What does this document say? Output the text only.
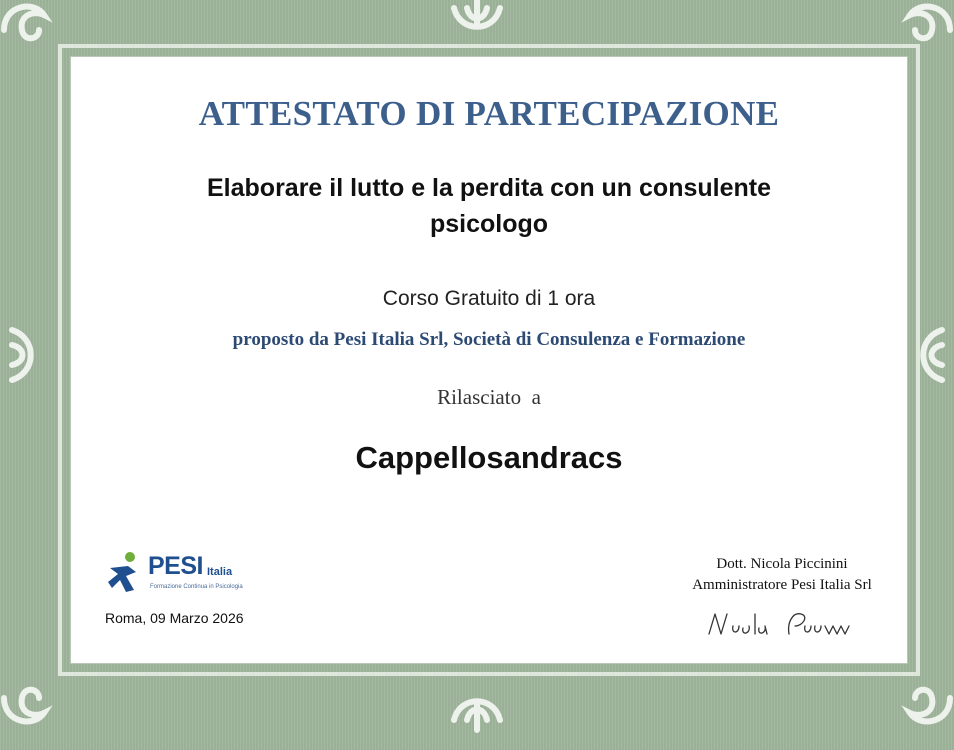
ATTESTATO DI PARTECIPAZIONE
Elaborare il lutto e la perdita con un consulente
psicologo
Corso Gratuito di 1 ora
proposto da Pesi Italia Srl, Società di Consulenza e Formazione
Rilasciato  a
Cappellosandracs
PESI Italia
Formazione Continua in Psicologia
Roma, 09 Marzo 2026
Dott. Nicola Piccinini
Amministratore Pesi Italia Srl
